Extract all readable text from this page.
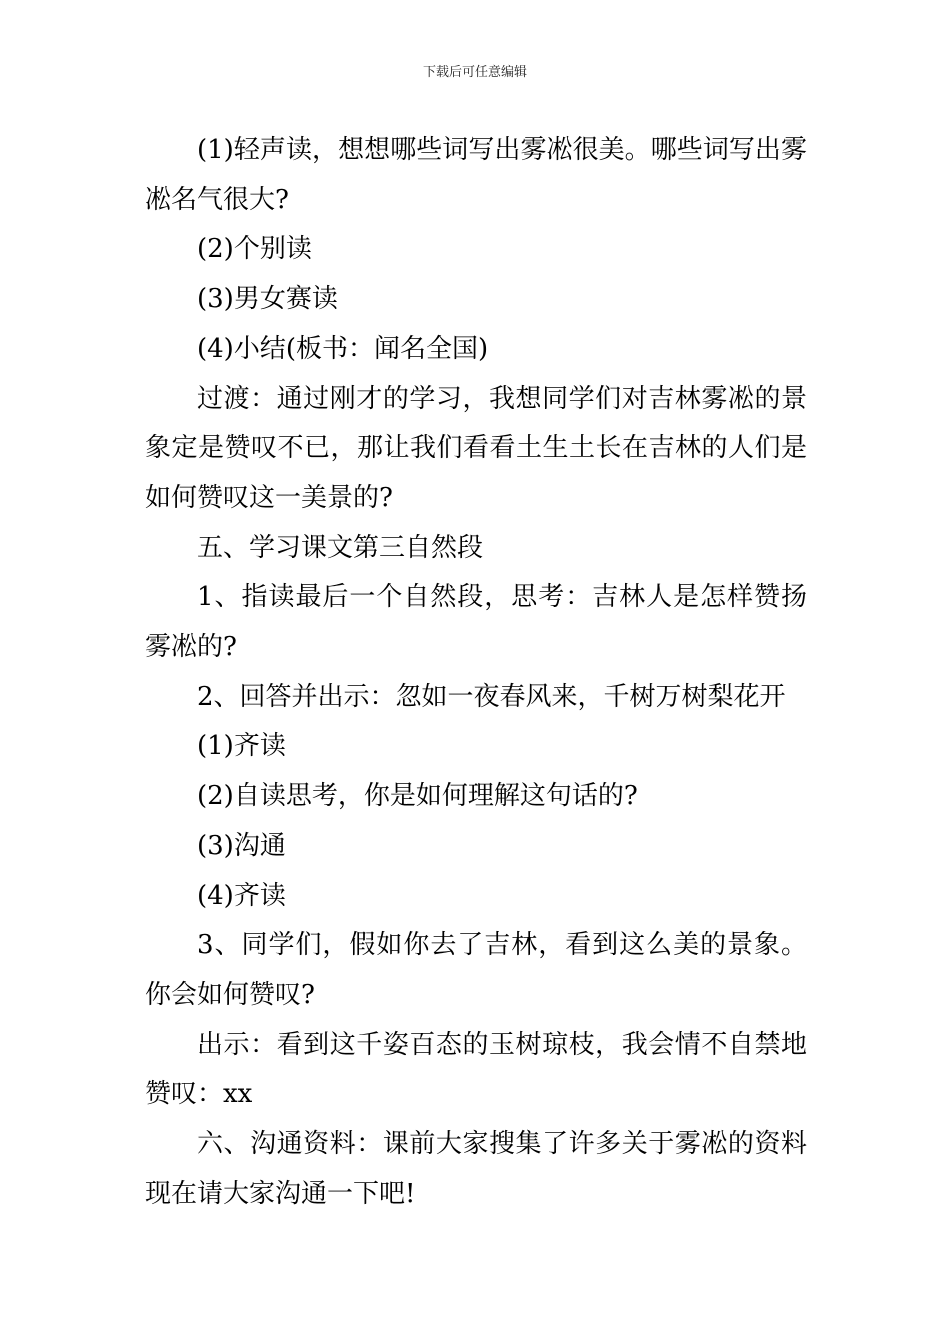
下载后可任意编辑

(1)轻声读，想想哪些词写出雾凇很美。哪些词写出雾凇名气很大?

(2)个别读

(3)男女赛读

(4)小结(板书：闻名全国)

过渡：通过刚才的学习，我想同学们对吉林雾凇的景象定是赞叹不已，那让我们看看土生土长在吉林的人们是如何赞叹这一美景的?

五、学习课文第三自然段

1、指读最后一个自然段，思考：吉林人是怎样赞扬雾凇的?

2、回答并出示：忽如一夜春风来，千树万树梨花开

(1)齐读

(2)自读思考，你是如何理解这句话的?

(3)沟通

(4)齐读

3、同学们，假如你去了吉林，看到这么美的景象。你会如何赞叹?

出示：看到这千姿百态的玉树琼枝，我会情不自禁地赞叹：xx

六、沟通资料：课前大家搜集了许多关于雾凇的资料现在请大家沟通一下吧!
